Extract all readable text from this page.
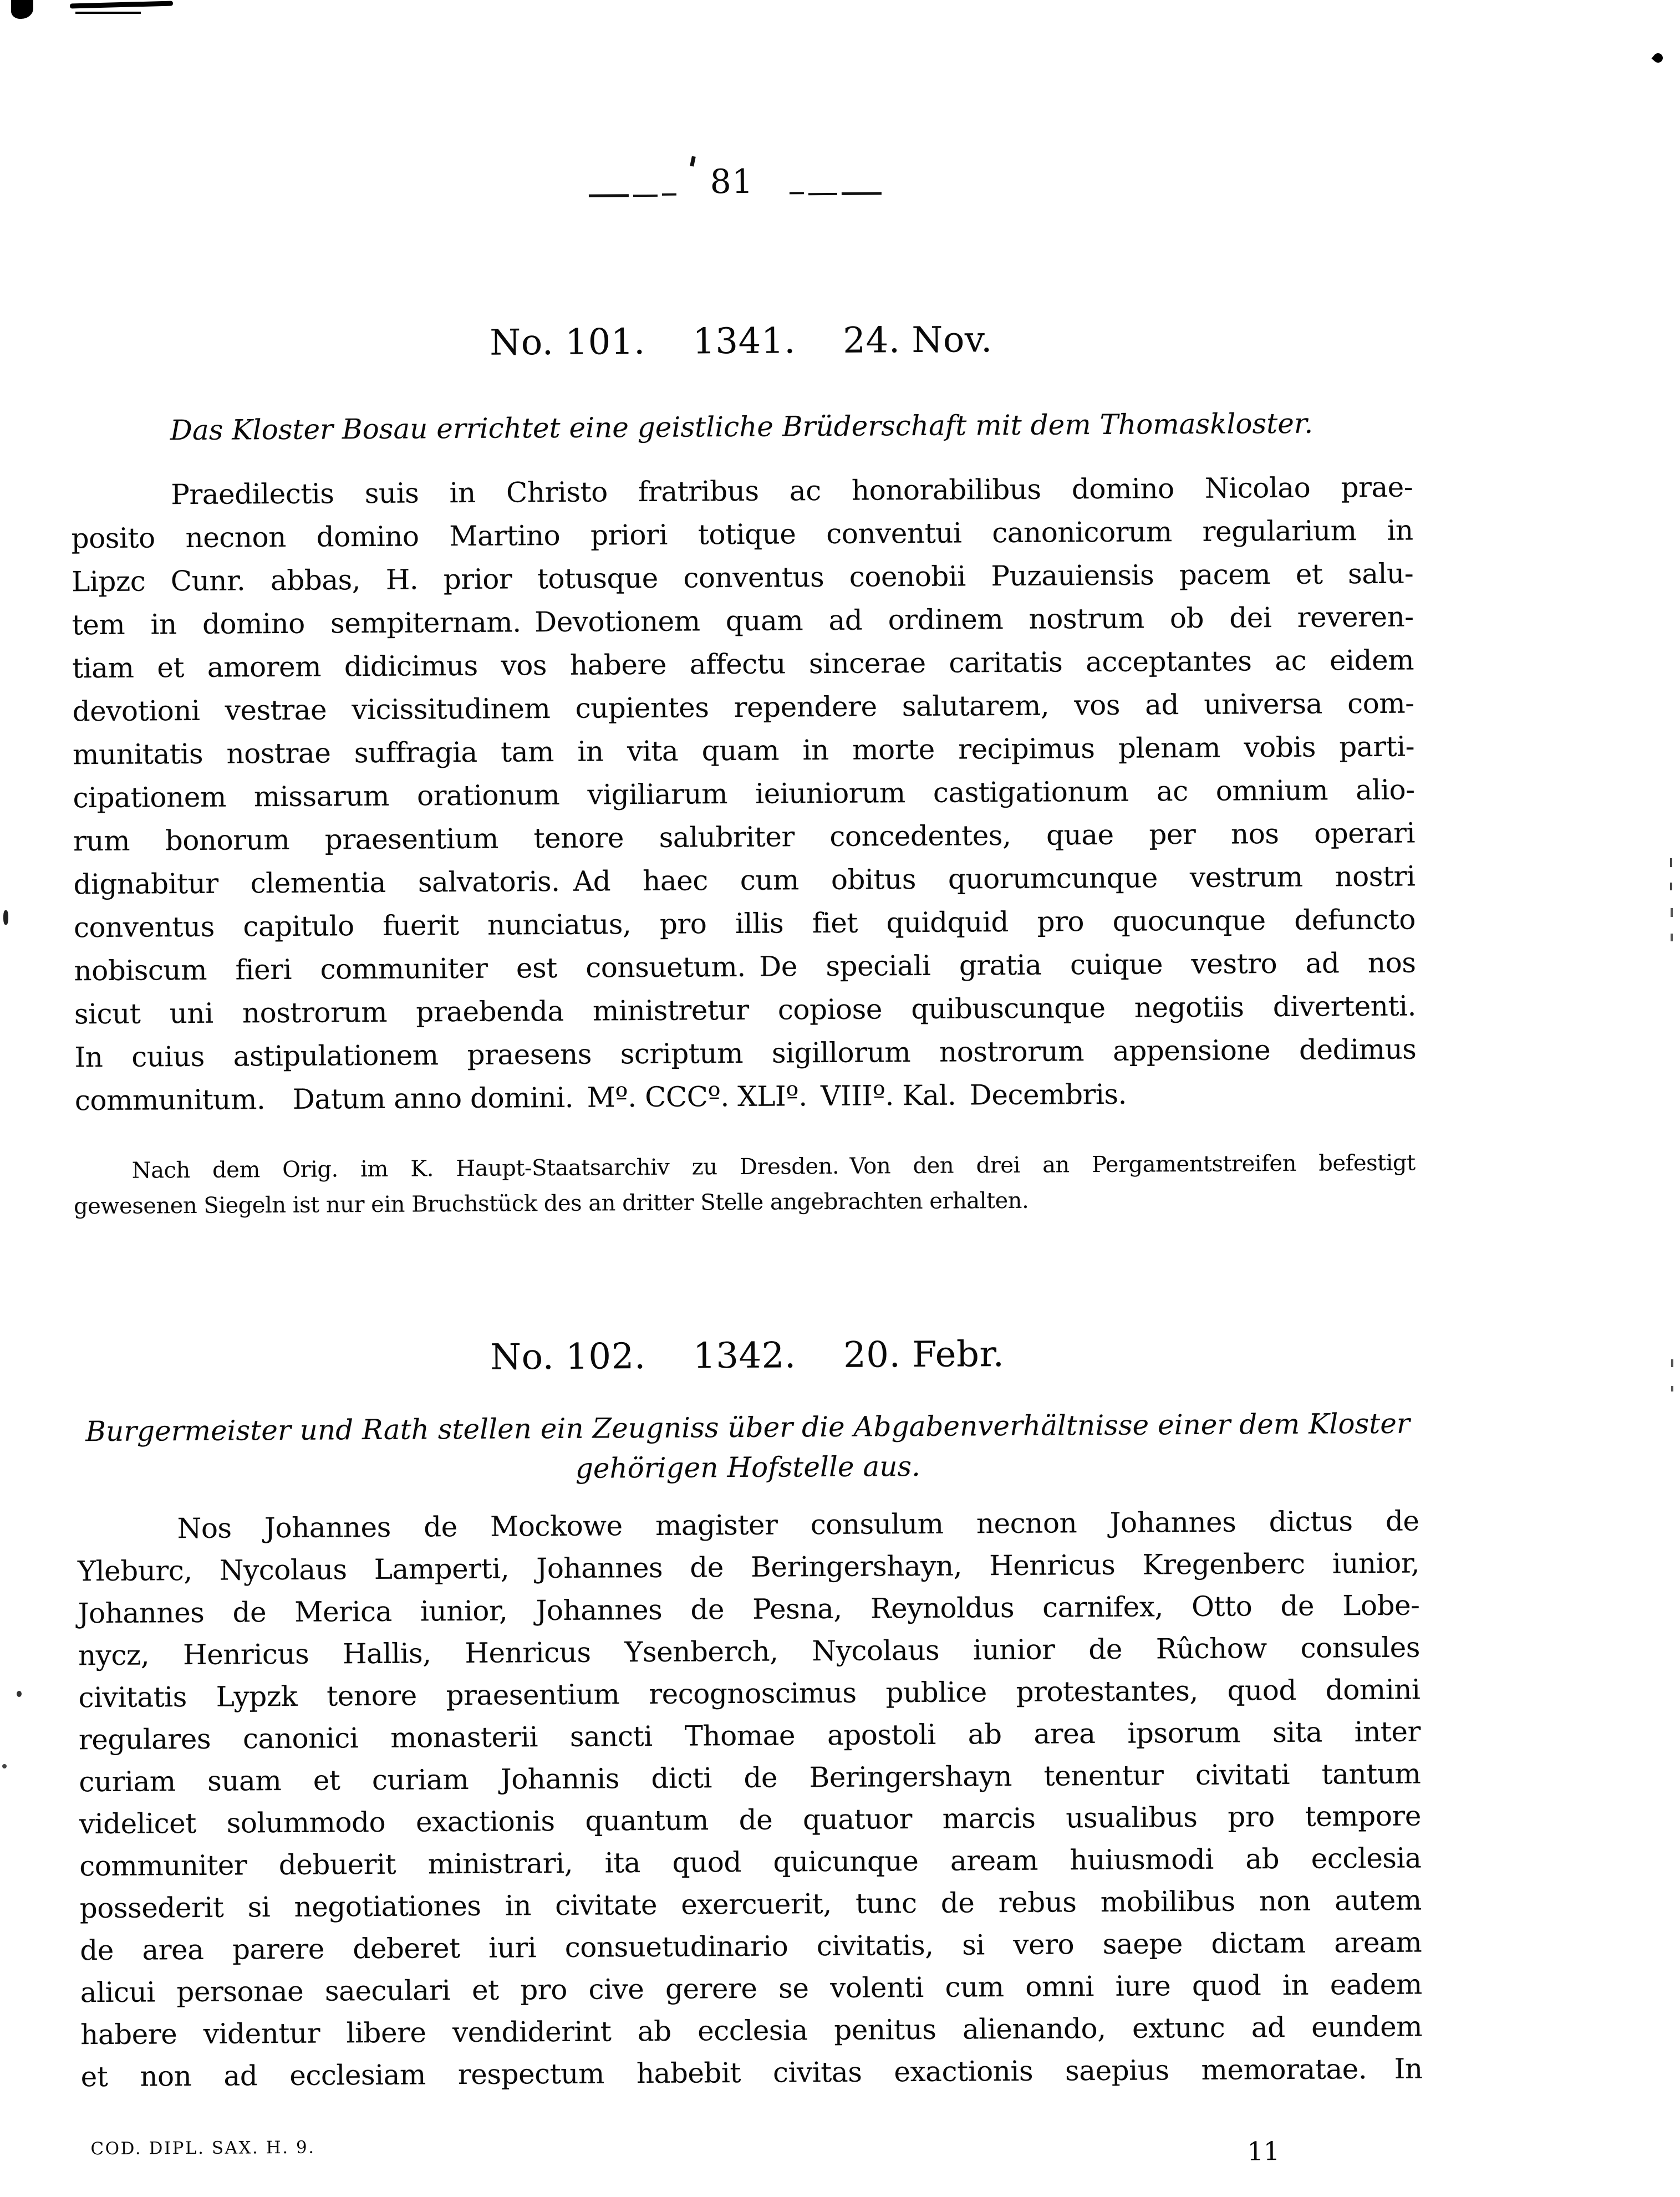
81
No. 101.  1341.  24. Nov.
Das Kloster Bosau errichtet eine geistliche Brüderschaft mit dem Thomaskloster.
Praedilectis suis in Christo fratribus ac honorabilibus domino Nicolao prae-
posito necnon domino Martino priori totique conventui canonicorum regularium in
Lipzc Cunr. abbas, H. prior totusque conventus coenobii Puzauiensis pacem et salu-
tem in domino sempiternam. Devotionem quam ad ordinem nostrum ob dei reveren-
tiam et amorem didicimus vos habere affectu sincerae caritatis acceptantes ac eidem
devotioni vestrae vicissitudinem cupientes rependere salutarem, vos ad universa com-
munitatis nostrae suffragia tam in vita quam in morte recipimus plenam vobis parti-
cipationem missarum orationum vigiliarum ieiuniorum castigationum ac omnium alio-
rum bonorum praesentium tenore salubriter concedentes, quae per nos operari
dignabitur clementia salvatoris. Ad haec cum obitus quorumcunque vestrum nostri
conventus capitulo fuerit nunciatus, pro illis fiet quidquid pro quocunque defuncto
nobiscum fieri communiter est consuetum. De speciali gratia cuique vestro ad nos
sicut uni nostrorum praebenda ministretur copiose quibuscunque negotiis divertenti.
In cuius astipulationem praesens scriptum sigillorum nostrorum appensione dedimus
communitum. Datum anno domini. Mº. CCCº. XLIº. VIIIº. Kal. Decembris.
Nach dem Orig. im K. Haupt-Staatsarchiv zu Dresden. Von den drei an Pergamentstreifen befestigt
gewesenen Siegeln ist nur ein Bruchstück des an dritter Stelle angebrachten erhalten.
No. 102.  1342.  20. Febr.
Burgermeister und Rath stellen ein Zeugniss über die Abgabenverhältnisse einer dem Kloster
gehörigen Hofstelle aus.
Nos Johannes de Mockowe magister consulum necnon Johannes dictus de
Yleburc, Nycolaus Lamperti, Johannes de Beringershayn, Henricus Kregenberc iunior,
Johannes de Merica iunior, Johannes de Pesna, Reynoldus carnifex, Otto de Lobe-
nycz, Henricus Hallis, Henricus Ysenberch, Nycolaus iunior de Rûchow consules
civitatis Lypzk tenore praesentium recognoscimus publice protestantes, quod domini
regulares canonici monasterii sancti Thomae apostoli ab area ipsorum sita inter
curiam suam et curiam Johannis dicti de Beringershayn tenentur civitati tantum
videlicet solummodo exactionis quantum de quatuor marcis usualibus pro tempore
communiter debuerit ministrari, ita quod quicunque aream huiusmodi ab ecclesia
possederit si negotiationes in civitate exercuerit, tunc de rebus mobilibus non autem
de area parere deberet iuri consuetudinario civitatis, si vero saepe dictam aream
alicui personae saeculari et pro cive gerere se volenti cum omni iure quod in eadem
habere videntur libere vendiderint ab ecclesia penitus alienando, extunc ad eundem
et non ad ecclesiam respectum habebit civitas exactionis saepius memoratae. In
COD. DIPL. SAX. H. 9.	11
